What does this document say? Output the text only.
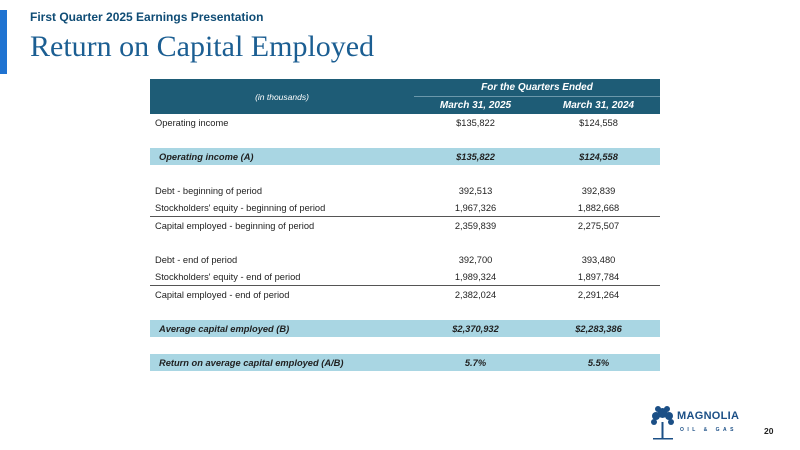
First Quarter 2025 Earnings Presentation
Return on Capital Employed
(in thousands)	For the Quarters Ended	
	March 31, 2025	March 31, 2024
Operating income	$135,822	$124,558

Operating income (A)	$135,822	$124,558

Debt - beginning of period	392,513	392,839
Stockholders' equity - beginning of period	1,967,326	1,882,668
Capital employed - beginning of period	2,359,839	2,275,507

Debt - end of period	392,700	393,480
Stockholders' equity - end of period	1,989,324	1,897,784
Capital employed - end of period	2,382,024	2,291,264

Average capital employed (B)	$2,370,932	$2,283,386

Return on average capital employed (A/B)	5.7%	5.5%
MAGNOLIA
OIL & GAS	20
